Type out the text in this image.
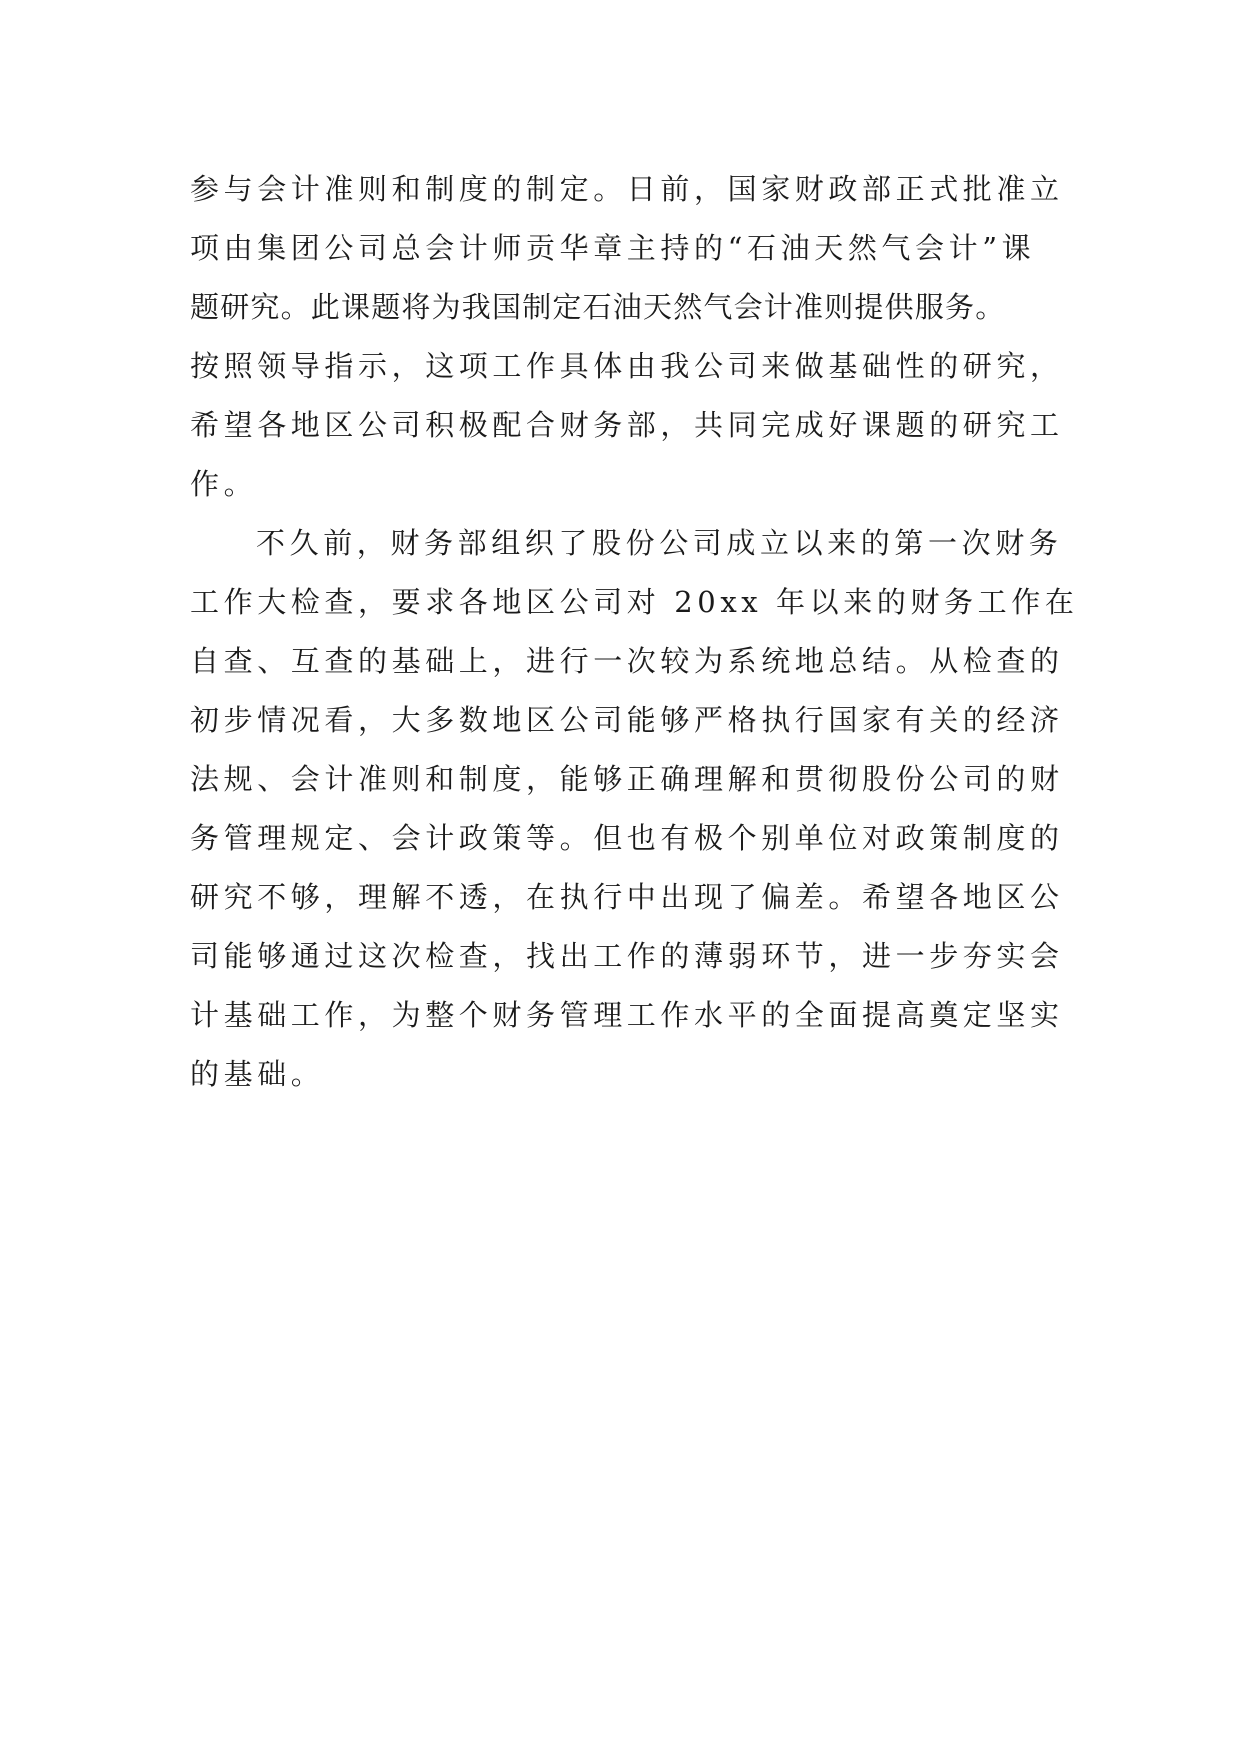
参与会计准则和制度的制定。日前，国家财政部正式批准立
项由集团公司总会计师贡华章主持的“石油天然气会计”课
题研究。此课题将为我国制定石油天然气会计准则提供服务。
按照领导指示，这项工作具体由我公司来做基础性的研究，
希望各地区公司积极配合财务部，共同完成好课题的研究工
作。
不久前，财务部组织了股份公司成立以来的第一次财务
工作大检查，要求各地区公司对 20xx 年以来的财务工作在
自查、互查的基础上，进行一次较为系统地总结。从检查的
初步情况看，大多数地区公司能够严格执行国家有关的经济
法规、会计准则和制度，能够正确理解和贯彻股份公司的财
务管理规定、会计政策等。但也有极个别单位对政策制度的
研究不够，理解不透，在执行中出现了偏差。希望各地区公
司能够通过这次检查，找出工作的薄弱环节，进一步夯实会
计基础工作，为整个财务管理工作水平的全面提高奠定坚实
的基础。
